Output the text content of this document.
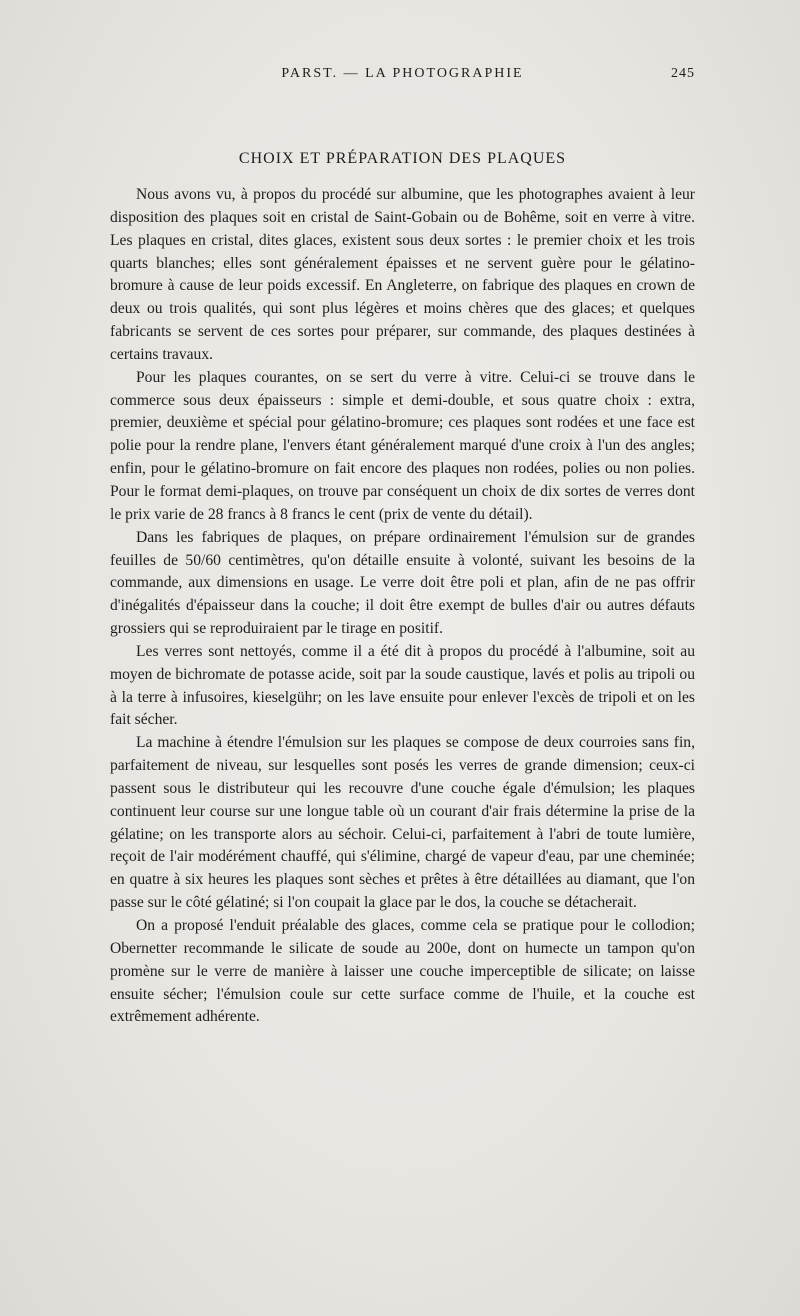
PARST. — LA PHOTOGRAPHIE	245
CHOIX ET PRÉPARATION DES PLAQUES

Nous avons vu, à propos du procédé sur albumine, que les photographes avaient à leur disposition des plaques soit en cristal de Saint-Gobain ou de Bohême, soit en verre à vitre. Les plaques en cristal, dites glaces, existent sous deux sortes : le premier choix et les trois quarts blanches; elles sont généralement épaisses et ne servent guère pour le gélatino-bromure à cause de leur poids excessif. En Angleterre, on fabrique des plaques en crown de deux ou trois qualités, qui sont plus légères et moins chères que des glaces; et quelques fabricants se servent de ces sortes pour préparer, sur commande, des plaques destinées à certains travaux.

Pour les plaques courantes, on se sert du verre à vitre. Celui-ci se trouve dans le commerce sous deux épaisseurs : simple et demi-double, et sous quatre choix : extra, premier, deuxième et spécial pour gélatino-bromure; ces plaques sont rodées et une face est polie pour la rendre plane, l'envers étant généralement marqué d'une croix à l'un des angles; enfin, pour le gélatino-bromure on fait encore des plaques non rodées, polies ou non polies. Pour le format demi-plaques, on trouve par conséquent un choix de dix sortes de verres dont le prix varie de 28 francs à 8 francs le cent (prix de vente du détail).

Dans les fabriques de plaques, on prépare ordinairement l'émulsion sur de grandes feuilles de 50/60 centimètres, qu'on détaille ensuite à volonté, suivant les besoins de la commande, aux dimensions en usage. Le verre doit être poli et plan, afin de ne pas offrir d'inégalités d'épaisseur dans la couche; il doit être exempt de bulles d'air ou autres défauts grossiers qui se reproduiraient par le tirage en positif.

Les verres sont nettoyés, comme il a été dit à propos du procédé à l'albumine, soit au moyen de bichromate de potasse acide, soit par la soude caustique, lavés et polis au tripoli ou à la terre à infusoires, kieselgühr; on les lave ensuite pour enlever l'excès de tripoli et on les fait sécher.

La machine à étendre l'émulsion sur les plaques se compose de deux courroies sans fin, parfaitement de niveau, sur lesquelles sont posés les verres de grande dimension; ceux-ci passent sous le distributeur qui les recouvre d'une couche égale d'émulsion; les plaques continuent leur course sur une longue table où un courant d'air frais détermine la prise de la gélatine; on les transporte alors au séchoir. Celui-ci, parfaitement à l'abri de toute lumière, reçoit de l'air modérément chauffé, qui s'élimine, chargé de vapeur d'eau, par une cheminée; en quatre à six heures les plaques sont sèches et prêtes à être détaillées au diamant, que l'on passe sur le côté gélatiné; si l'on coupait la glace par le dos, la couche se détacherait.

On a proposé l'enduit préalable des glaces, comme cela se pratique pour le collodion; Obernetter recommande le silicate de soude au 200e, dont on humecte un tampon qu'on promène sur le verre de manière à laisser une couche imperceptible de silicate; on laisse ensuite sécher; l'émulsion coule sur cette surface comme de l'huile, et la couche est extrêmement adhérente.
